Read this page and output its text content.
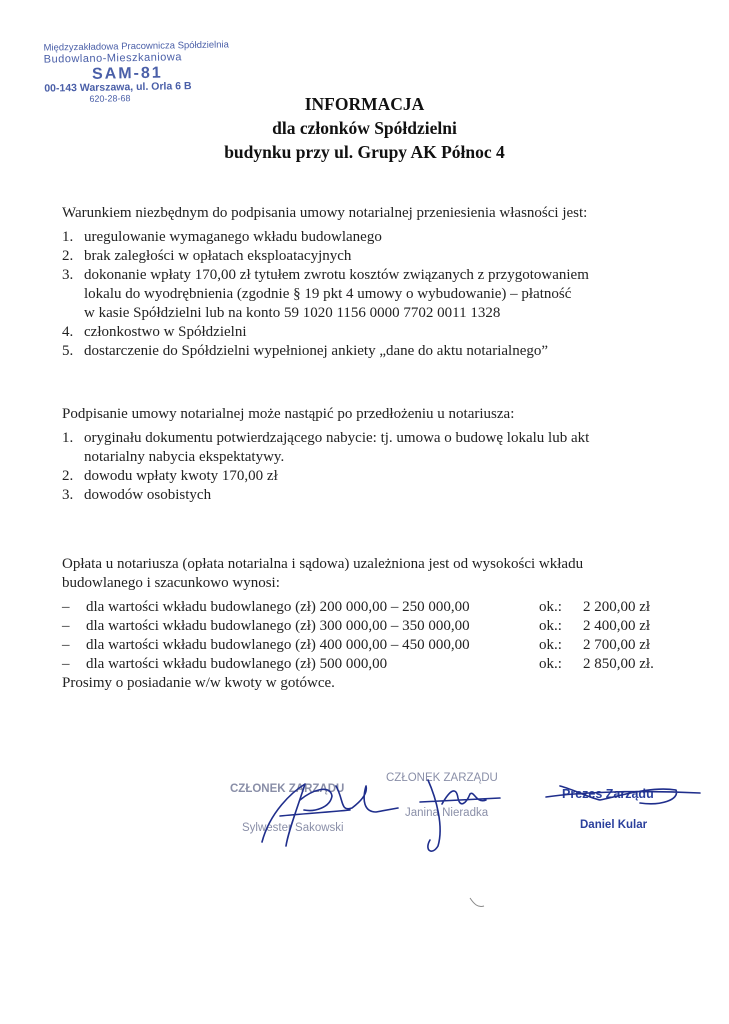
Międzyzakładowa Pracownicza Spółdzielnia
Budowlano-Mieszkaniowa
SAM-81
00-143 Warszawa, ul. Orla 6 B
620-28-68	INFORMACJA
dla członków Spółdzielni
budynku przy ul. Grupy AK Północ 4

Warunkiem niezbędnym do podpisania umowy notarialnej przeniesienia własności jest:

1. uregulowanie wymaganego wkładu budowlanego
2. brak zaległości w opłatach eksploatacyjnych
3. dokonanie wpłaty 170,00 zł tytułem zwrotu kosztów związanych z przygotowaniem
lokalu do wyodrębnienia (zgodnie § 19 pkt 4 umowy o wybudowanie) – płatność
w kasie Spółdzielni lub na konto 59 1020 1156 0000 7702 0011 1328
4. członkostwo w Spółdzielni
5. dostarczenie do Spółdzielni wypełnionej ankiety „dane do aktu notarialnego”

Podpisanie umowy notarialnej może nastąpić po przedłożeniu u notariusza:

1. oryginału dokumentu potwierdzającego nabycie: tj. umowa o budowę lokalu lub akt
notarialny nabycia ekspektatywy.
2. dowodu wpłaty kwoty 170,00 zł
3. dowodów osobistych

Opłata u notariusza (opłata notarialna i sądowa) uzależniona jest od wysokości wkładu

budowlanego i szacunkowo wynosi:

– dla wartości wkładu budowlanego (zł) 200 000,00 – 250 000,00	ok.: 2 200,00 zł
– dla wartości wkładu budowlanego (zł) 300 000,00 – 350 000,00	ok.: 2 400,00 zł
– dla wartości wkładu budowlanego (zł) 400 000,00 – 450 000,00	ok.: 2 700,00 zł
– dla wartości wkładu budowlanego (zł) 500 000,00	ok.: 2 850,00 zł.

Prosimy o posiadanie w/w kwoty w gotówce.

CZŁONEK ZARZĄDU
Sylwester Sakowski
CZŁONEK ZARZĄDU
Janina Nieradka
Prezes Zarządu
Daniel Kular
